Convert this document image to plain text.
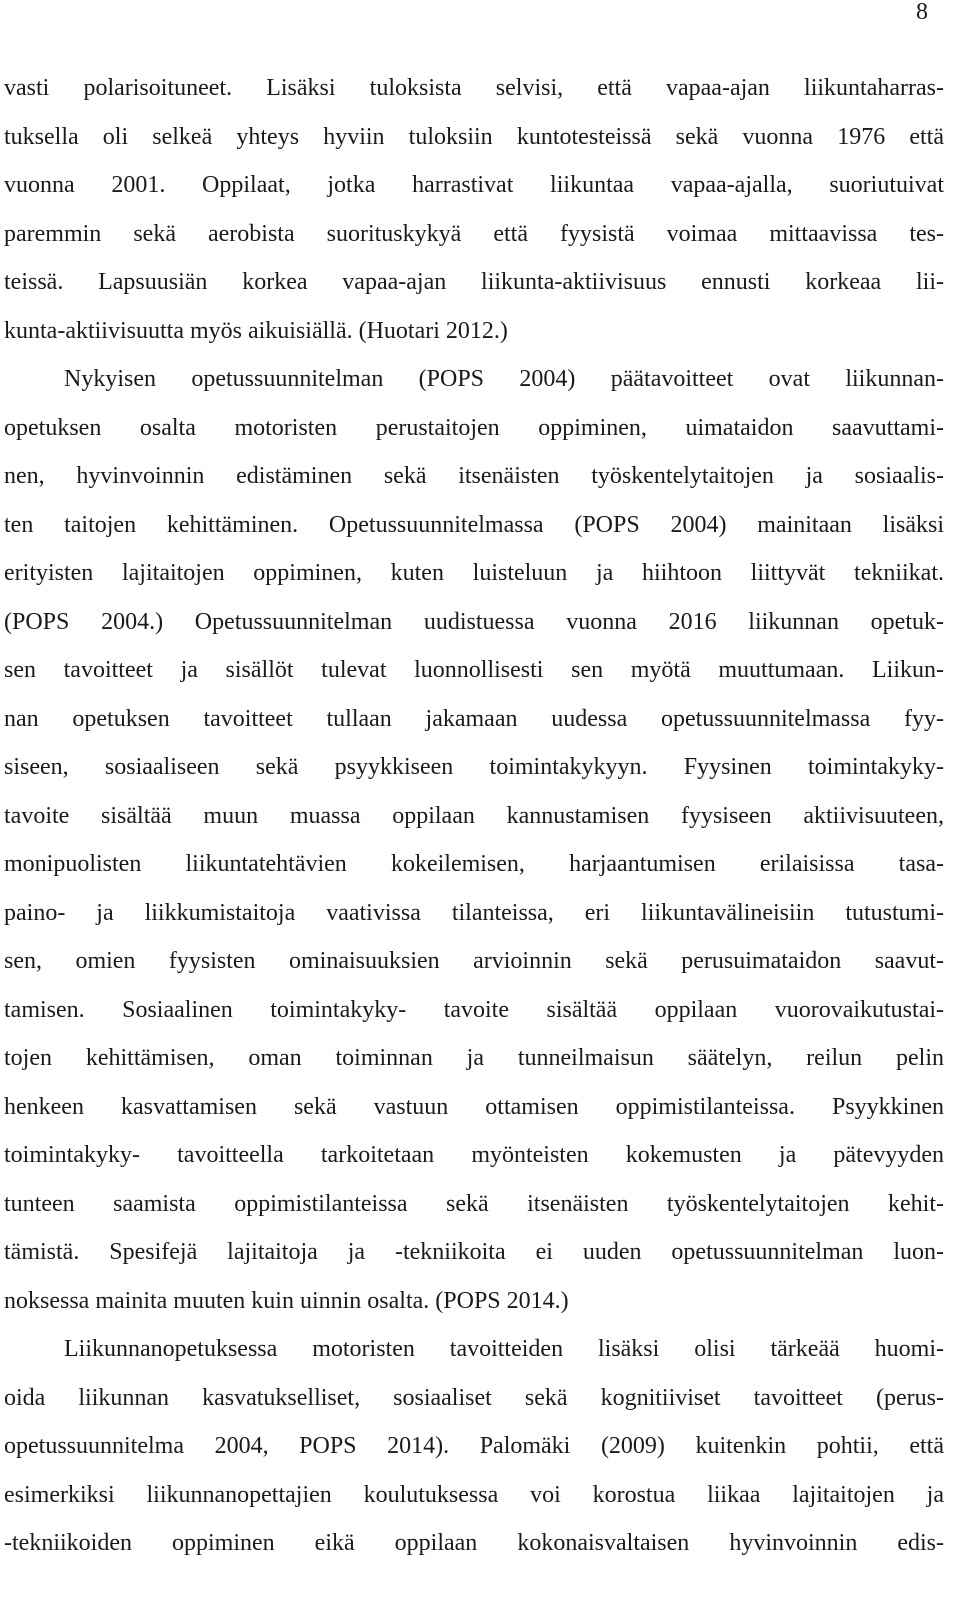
8
vasti polarisoituneet. Lisäksi tuloksista selvisi, että vapaa-ajan liikuntaharras-
tuksella oli selkeä yhteys hyviin tuloksiin kuntotesteissä sekä vuonna 1976 että
vuonna 2001. Oppilaat, jotka harrastivat liikuntaa vapaa-ajalla, suoriutuivat
paremmin sekä aerobista suorituskykyä että fyysistä voimaa mittaavissa tes-
teissä. Lapsuusiän korkea vapaa-ajan liikunta-aktiivisuus ennusti korkeaa lii-
kunta-aktiivisuutta myös aikuisiällä. (Huotari 2012.)
Nykyisen opetussuunnitelman (POPS 2004) päätavoitteet ovat liikunnan-
opetuksen osalta motoristen perustaitojen oppiminen, uimataidon saavuttami-
nen, hyvinvoinnin edistäminen sekä itsenäisten työskentelytaitojen ja sosiaalis-
ten taitojen kehittäminen. Opetussuunnitelmassa (POPS 2004) mainitaan lisäksi
erityisten lajitaitojen oppiminen, kuten luisteluun ja hiihtoon liittyvät tekniikat.
(POPS 2004.) Opetussuunnitelman uudistuessa vuonna 2016 liikunnan opetuk-
sen tavoitteet ja sisällöt tulevat luonnollisesti sen myötä muuttumaan. Liikun-
nan opetuksen tavoitteet tullaan jakamaan uudessa opetussuunnitelmassa fyy-
siseen, sosiaaliseen sekä psyykkiseen toimintakykyyn. Fyysinen toimintakyky-
tavoite sisältää muun muassa oppilaan kannustamisen fyysiseen aktiivisuuteen,
monipuolisten liikuntatehtävien kokeilemisen, harjaantumisen erilaisissa tasa-
paino- ja liikkumistaitoja vaativissa tilanteissa, eri liikuntavälineisiin tutustumi-
sen, omien fyysisten ominaisuuksien arvioinnin sekä perusuimataidon saavut-
tamisen. Sosiaalinen toimintakyky- tavoite sisältää oppilaan vuorovaikutustai-
tojen kehittämisen, oman toiminnan ja tunneilmaisun säätelyn, reilun pelin
henkeen kasvattamisen sekä vastuun ottamisen oppimistilanteissa. Psyykkinen
toimintakyky- tavoitteella tarkoitetaan myönteisten kokemusten ja pätevyyden
tunteen saamista oppimistilanteissa sekä itsenäisten työskentelytaitojen kehit-
tämistä. Spesifejä lajitaitoja ja -tekniikoita ei uuden opetussuunnitelman luon-
noksessa mainita muuten kuin uinnin osalta. (POPS 2014.)
Liikunnanopetuksessa motoristen tavoitteiden lisäksi olisi tärkeää huomi-
oida liikunnan kasvatukselliset, sosiaaliset sekä kognitiiviset tavoitteet (perus-
opetussuunnitelma 2004, POPS 2014). Palomäki (2009) kuitenkin pohtii, että
esimerkiksi liikunnanopettajien koulutuksessa voi korostua liikaa lajitaitojen ja
-tekniikoiden oppiminen eikä oppilaan kokonaisvaltaisen hyvinvoinnin edis-
